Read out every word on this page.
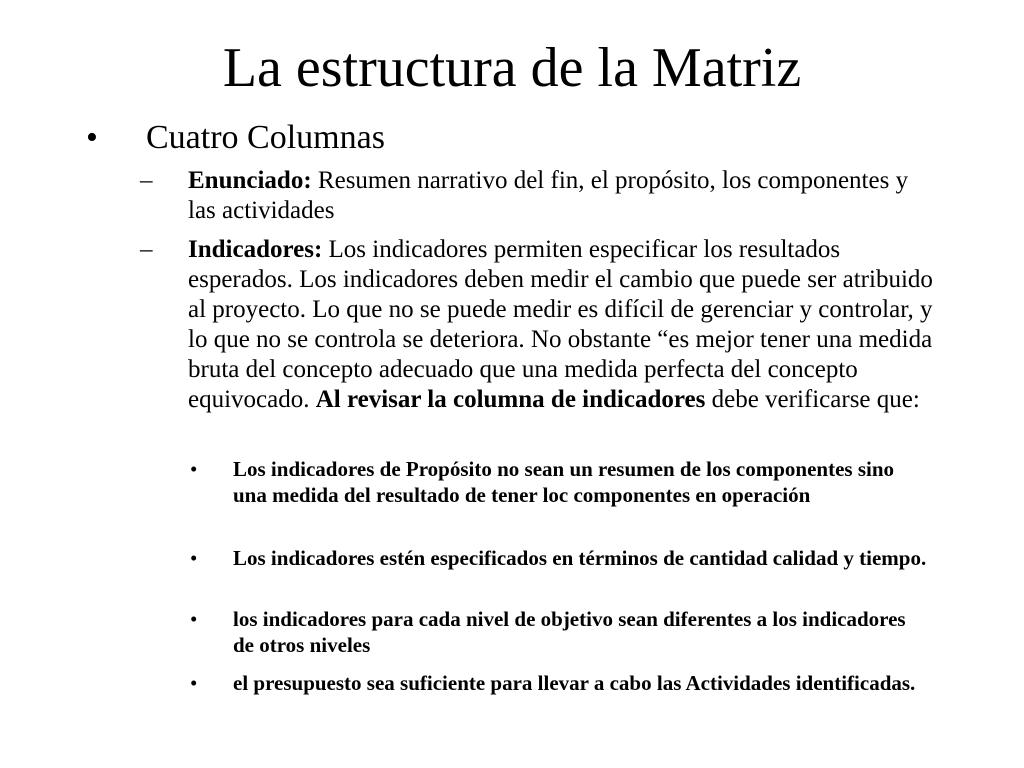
La estructura de la Matriz
• Cuatro Columnas
– Enunciado: Resumen narrativo del fin, el propósito, los componentes y las actividades
– Indicadores: Los indicadores permiten especificar los resultados esperados. Los indicadores deben medir el cambio que puede ser atribuido al proyecto. Lo que no se puede medir es difícil de gerenciar y controlar, y lo que no se controla se deteriora. No obstante “es mejor tener una medida bruta del concepto adecuado que una medida perfecta del concepto equivocado. Al revisar la columna de indicadores debe verificarse que:
• Los indicadores de Propósito no sean un resumen de los componentes sino una medida del resultado de tener loc componentes en operación
• Los indicadores estén especificados en términos de cantidad calidad y tiempo.
• los indicadores para cada nivel de objetivo sean diferentes a los indicadores de otros niveles
• el presupuesto sea suficiente para llevar a cabo las Actividades identificadas.
